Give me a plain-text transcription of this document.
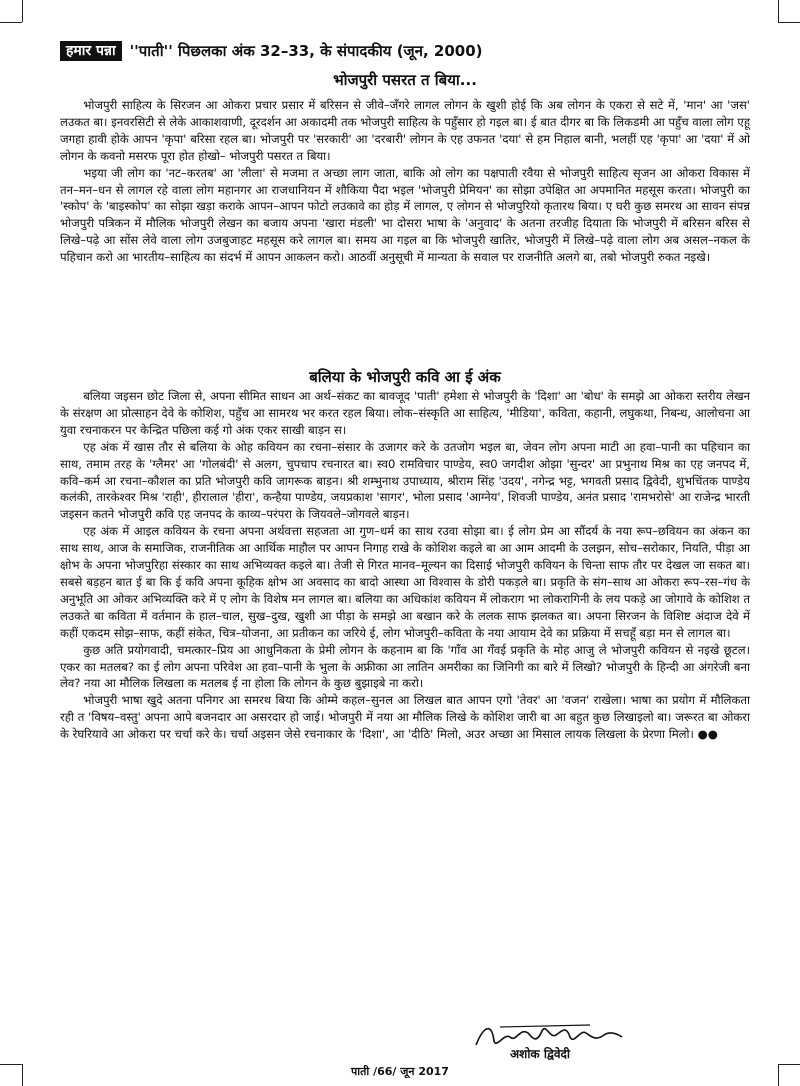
हमार पन्ना ''पाती'' पिछलका अंक 32–33, के संपादकीय (जून, 2000)
भोजपुरी पसरत त बिया...

भोजपुरी साहित्य के सिरजन आ ओकरा प्रचार प्रसार में बरिसन से जीवे–जँगरे लागल लोगन के खुशी होई कि अब लोगन के एकरा से सटे में, 'मान' आ 'जस' लउकत बा। इनवरसिटी से लेके आकाशवाणी, दूरदर्शन आ अकादमी तक भोजपुरी साहित्य के पहुँसार हो गइल बा। ई बात दीगर बा कि लिकडमी आ पहुँच वाला लोग एहू जगहा हावी होके आपन 'कृपा' बरिसा रहल बा। भोजपुरी पर 'सरकारी' आ 'दरबारी' लोगन के एह उफनत 'दया' से हम निहाल बानी, भलहीं एह 'कृपा' आ 'दया' में ओ लोगन के कवनो मसरफ पूरा होत होखो– भोजपुरी पसरत त बिया।

भइया जी लोग का 'नट–करतब' आ 'लीला' से मजमा त अच्छा लाग जाता, बाकि ओ लोग का पक्षपाती रवैया से भोजपुरी साहित्य सृजन आ ओकरा विकास में तन–मन–धन से लागल रहे वाला लोग महानगर आ राजधानियन में शौकिया पैदा भइल 'भोजपुरी प्रेमियन' का सोझा उपेक्षित आ अपमानित महसूस करता। भोजपुरी का 'स्कोप' के 'बाइस्कोप' का सोझा खड़ा कराके आपन–आपन फोटो लउकावे का होड़ में लागल, ए लोगन से भोजपुरियो कृतारथ बिया। ए घरी कुछ समरथ आ सावन संपन्न भोजपुरी पत्रिकन में मौलिक भोजपुरी लेखन का बजाय अपना 'खारा मंडली' भा दोसरा भाषा के 'अनुवाद' के अतना तरजीह दियाता कि भोजपुरी में बरिसन बरिस से लिखे–पढ़े आ सोंस लेवे वाला लोग उजबुजाहट महसूस करे लागल बा। समय आ गइल बा कि भोजपुरी खातिर, भोजपुरी में लिखे–पढ़े वाला लोग अब असल–नकल के पहिचान करो आ भारतीय–साहित्य का संदर्भ में आपन आकलन करो। आठवीं अनुसूची में मान्यता के सवाल पर राजनीति अलगे बा, तबो भोजपुरी रुकत नइखे।

बलिया के भोजपुरी कवि आ ई अंक

बलिया जइसन छोट जिला से, अपना सीमित साधन आ अर्थ–संकट का बावजूद 'पाती' हमेशा से भोजपुरी के 'दिशा' आ 'बोध' के समझे आ ओकरा स्तरीय लेखन के संरक्षण आ प्रोत्साहन देवे के कोशिश, पहुँच आ सामरथ भर करत रहल बिया। लोक–संस्कृति आ साहित्य, 'मीडिया', कविता, कहानी, लघुकथा, निबन्ध, आलोचना आ युवा रचनाकरन पर केन्द्रित पछिला कई गो अंक एकर साखी बाड़न स।

एह अंक में खास तौर से बलिया के ओह कवियन का रचना–संसार के उजागर करे के उतजोग भइल बा, जेवन लोग अपना माटी आ हवा–पानी का पहिचान का साथ, तमाम तरह के 'ग्लैमर' आ 'गोलबंदी' से अलग, चुपचाप रचनारत बा। स्व0 रामविचार पाण्डेय, स्व0 जगदीश ओझा 'सुन्दर' आ प्रभुनाथ मिश्र का एह जनपद में, कवि–कर्म आ रचना–कौशल का प्रति भोजपुरी कवि जागरूक बाड़न। श्री शम्भुनाथ उपाध्याय, श्रीराम सिंह 'उदय', नगेन्द्र भट्ट, भगवती प्रसाद द्विवेदी, शुभचिंतक पाण्डेय कलंकी, तारकेश्वर मिश्र 'राही', हीरालाल 'हीरा', कन्हैया पाण्डेय, जयप्रकाश 'सागर', भोला प्रसाद 'आग्नेय', शिवजी पाण्डेय, अनंत प्रसाद 'रामभरोसे' आ राजेन्द्र भारती जइसन कतने भोजपुरी कवि एह जनपद के काव्य–परंपरा के जियवले–जोगवले बाड़न।

एह अंक में आइल कवियन के रचना अपना अर्थवत्ता सहजता आ गुण–धर्म का साथ रउवा सोझा बा। ई लोग प्रेम आ सौंदर्य के नया रूप–छवियन का अंकन का साथ साथ, आज के समाजिक, राजनीतिक आ आर्थिक माहौल पर आपन निगाह राखे के कोशिश कइले बा आ आम आदमी के उलझन, सोच–सरोकार, नियति, पीड़ा आ क्षोभ के अपना भोजपुरिहा संस्कार का साथ अभिव्यक्त कइले बा। तेजी से गिरत मानव–मूल्यन का दिसाई भोजपुरी कवियन के चिन्ता साफ तौर पर देखल जा सकत बा। सबसे बड़हन बात ई बा कि ई कवि अपना कूहिक क्षोभ आ अवसाद का बादो आस्था आ विश्वास के डोरी पकड़ले बा। प्रकृति के संग–साथ आ ओकरा रूप–रस–गंध के अनुभूति आ ओकर अभिव्यक्ति करे में ए लोग के विशेष मन लागल बा। बलिया का अधिकांश कवियन में लोकराग भा लोकरागिनी के लय पकड़े आ जोगावे के कोशिश त लउकते बा कविता में वर्तमान के हाल–चाल, सुख–दुख, खुशी आ पीड़ा के समझे आ बखान करे के ललक साफ झलकत बा। अपना सिरजन के विशिष्ट अंदाज देवे में कहीं एकदम सोझ–साफ, कहीं संकेत, चित्र–योजना, आ प्रतीकन का जरिये ई, लोग भोजपुरी–कविता के नया आयाम देवे का प्रक्रिया में सचहूँ बड़ा मन से लागल बा।

कुछ अति प्रयोगवादी, चमत्कार–प्रिय आ आधुनिकता के प्रेमी लोगन के कहनाम बा कि 'गाँव आ गँवई प्रकृति के मोह आजु ले भोजपुरी कवियन से नइखे छूटल। एकर का मतलब? का ई लोग अपना परिवेश आ हवा–पानी के भुला के अफ्रीका आ लातिन अमरीका का जिनिगी का बारे में लिखो? भोजपुरी के हिन्दी आ अंगरेजी बना लेव? नया आ मौलिक लिखला क मतलब ई ना होला कि लोगन के कुछ बुझाइबे ना करो।

भोजपुरी भाषा खुदे अतना पनिगर आ समरथ बिया कि ओम्मे कहल–सुनल आ लिखल बात आपन एगो 'तेवर' आ 'वजन' राखेला। भाषा का प्रयोग में मौलिकता रही त 'विषय–वस्तु' अपना आपे बजनदार आ असरदार हो जाई। भोजपुरी में नया आ मौलिक लिखे के कोशिश जारी बा आ बहुत कुछ लिखाइलो बा। जरूरत बा ओकरा के रेघरियावे आ ओकरा पर चर्चा करे के। चर्चा अइसन जेसे रचनाकार के 'दिशा', आ 'दीठि' मिलो, अउर अच्छा आ मिसाल लायक लिखला के प्रेरणा मिलो। ●●

अशोक द्विवेदी
पाती /66/ जून 2017
